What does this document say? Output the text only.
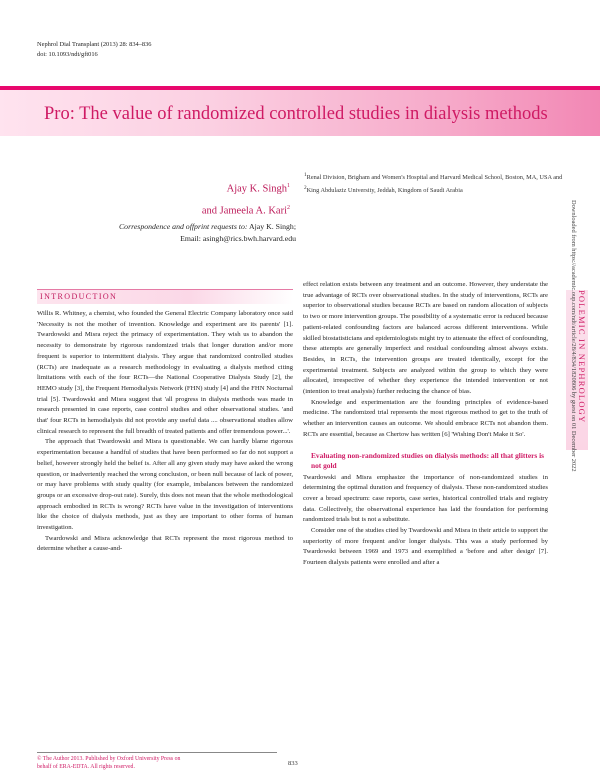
Nephrol Dial Transplant (2013) 28: 834–836
doi: 10.1093/ndt/gft016
Pro: The value of randomized controlled studies in dialysis methods
Ajay K. Singh$^1$
and Jameela A. Kari$^2$

$^1$Renal Division, Brigham and Women's Hospital and Harvard Medical School, Boston, MA, USA and

$^2$King Abdulaziz University, Jeddah, Kingdom of Saudi Arabia

Correspondence and offprint requests to: Ajay K. Singh;

Email: asingh@rics.bwh.harvard.edu

INTRODUCTION

Willis R. Whitney, a chemist, who founded the General Electric Company laboratory once said 'Necessity is not the mother of invention. Knowledge and experiment are its parents' [1]. Twardowski and Misra reject the primacy of experimentation. They wish us to abandon the necessity to demonstrate by rigorous randomized trials that longer duration and/or more frequent is superior to intermittent dialysis. They argue that randomized controlled studies (RCTs) are inadequate as a research methodology in evaluating a dialysis method citing limitations with each of the four RCTs—the National Cooperative Dialysis Study [2], the HEMO study [3], the Frequent Hemodialysis Network (FHN) study [4] and the FHN Nocturnal trial [5]. Twardowski and Misra suggest that 'all progress in dialysis methods was made in research presented in case reports, case control studies and other observational studies. 'and that' four RCTs in hemodialysis did not provide any useful data .... observational studies allow clinical research to represent the full breadth of treated patients and offer tremendous power...'.

The approach that Twardowski and Misra is questionable. We can hardly blame rigorous experimentation because a handful of studies that have been performed so far do not support a belief, however strongly held the belief is. After all any given study may have asked the wrong question, or inadvertently reached the wrong conclusion, or been null because of lack of power, or may have problems with study quality (for example, imbalances between the randomized groups or an excessive drop-out rate). Surely, this does not mean that the whole methodological approach embodied in RCTs is wrong? RCTs have value in the investigation of interventions like the choice of dialysis methods, just as they are important to other forms of human investigation.

Twardowski and Misra acknowledge that RCTs represent the most rigorous method to determine whether a cause-and-

effect relation exists between any treatment and an outcome. However, they understate the true advantage of RCTs over observational studies. In the study of interventions, RCTs are superior to observational studies because RCTs are based on random allocation of subjects to two or more intervention groups. The possibility of a systematic error is reduced because patient-related confounding factors are balanced across different interventions. While skilled biostatisticians and epidemiologists might try to attenuate the effect of confounding, these attempts are generally imperfect and residual confounding almost always exists. Besides, in RCTs, the intervention groups are treated identically, except for the experimental treatment. Subjects are analyzed within the group to which they were allocated, irrespective of whether they experience the intended intervention or not (intention to treat analysis) further reducing the chance of bias.

Knowledge and experimentation are the founding principles of evidence-based medicine. The randomized trial represents the most rigorous method to get to the truth of whether an intervention causes an outcome. We should embrace RCTs not abandon them. RCTs are essential, because as Chertow has written [6] 'Wishing Don't Make it So'.

Evaluating non-randomized studies on dialysis methods: all that glitters is not gold

Twardowski and Misra emphasize the importance of non-randomized studies in determining the optimal duration and frequency of dialysis. These non-randomized studies cover a broad spectrum: case reports, case series, historical controlled trials and registry data. Collectively, the observational experience has laid the foundation for performing randomized trials but is not a substitute.

Consider one of the studies cited by Twardowski and Misra in their article to support the superiority of more frequent and/or longer dialysis. This was a study performed by Twardowski between 1969 and 1973 and exemplified a 'before and after design' [7]. Fourteen dialysis patients were enrolled and after a

Downloaded from https://academic.oup.com/ndt/article/28/4/834/1820806 by guest on 01 December 2022 POLEMIC IN NEPHROLOGY
© The Author 2013. Published by Oxford University Press on
behalf of ERA-EDTA. All rights reserved.	833
